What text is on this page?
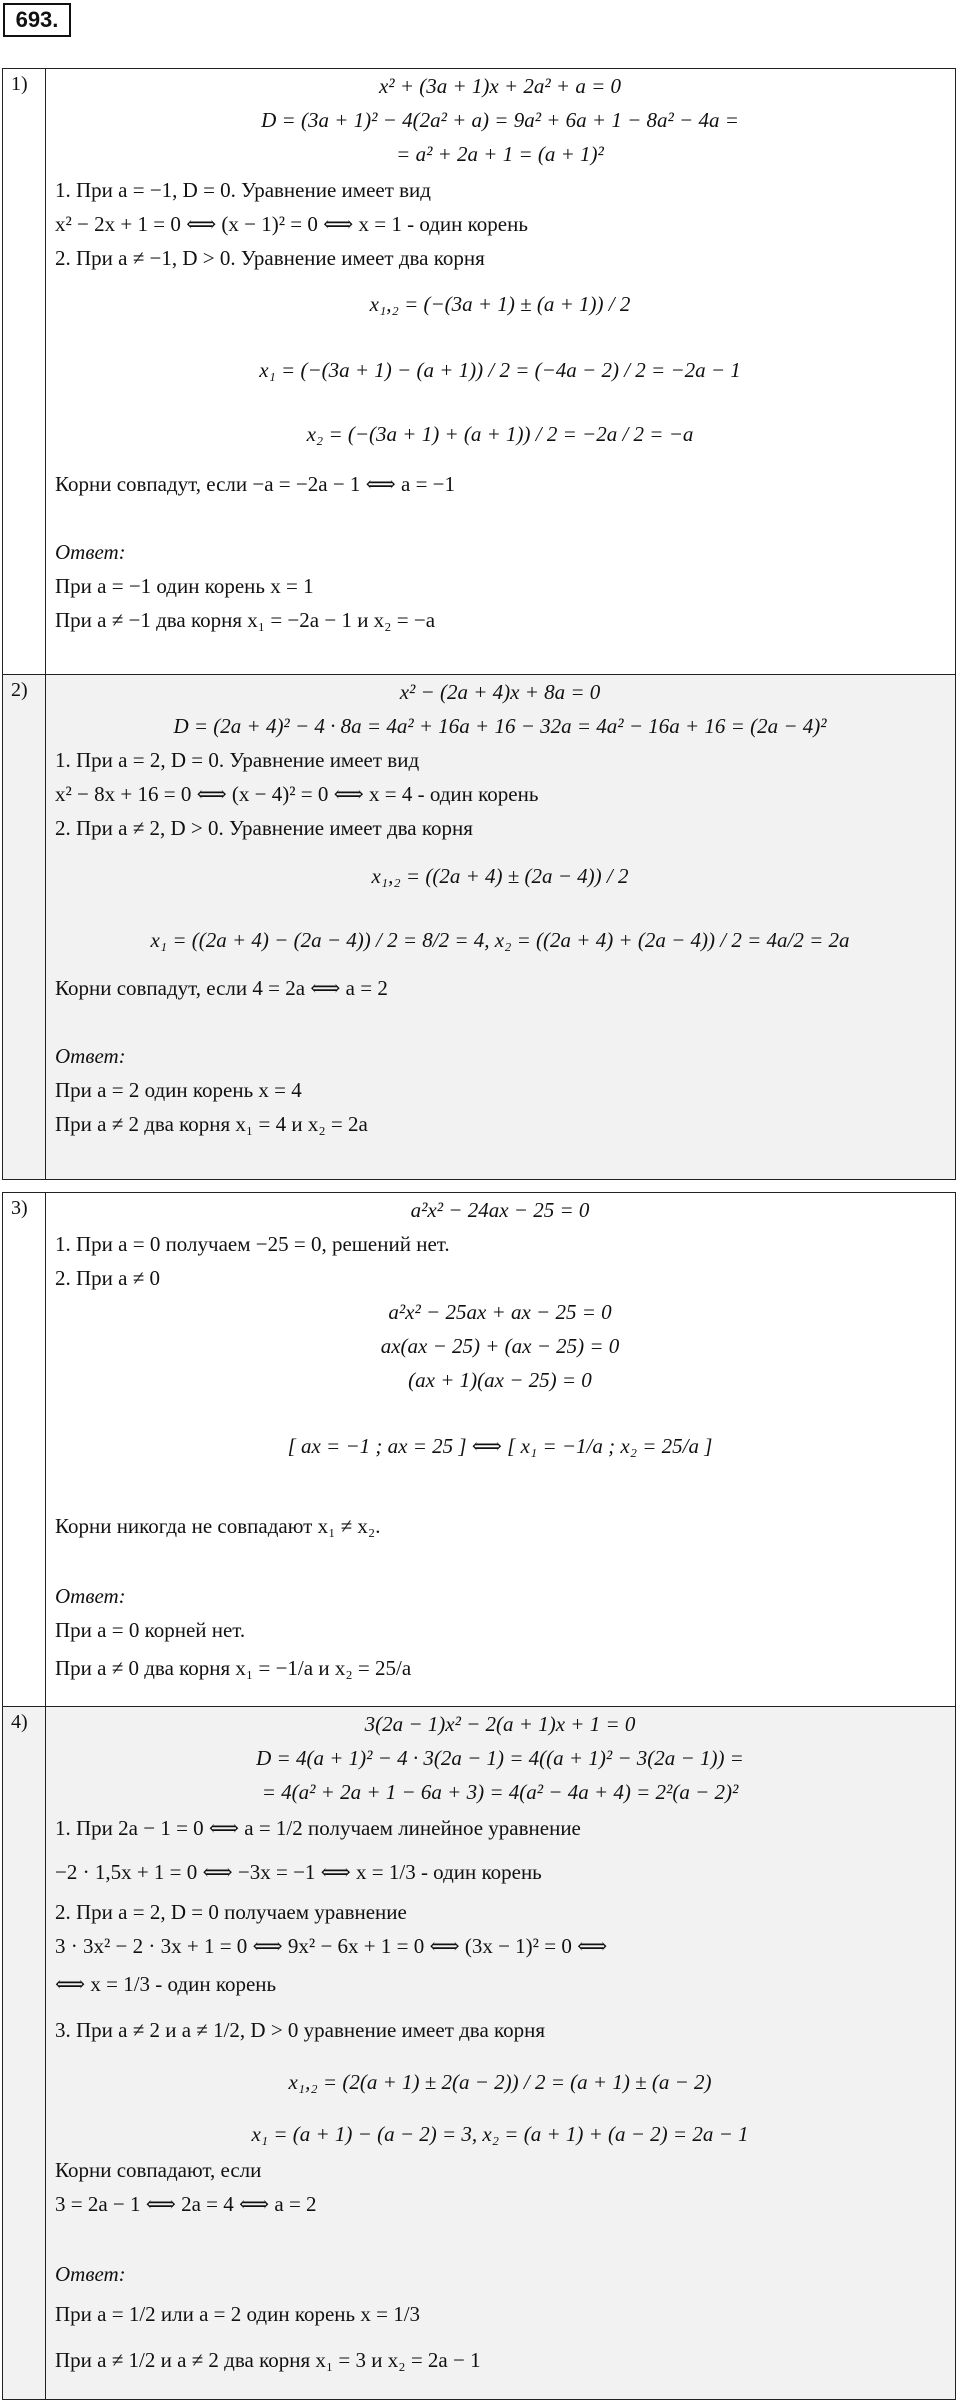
693.
1)	x² + (3a + 1)x + 2a² + a = 0
D = (3a + 1)² − 4(2a² + a) = 9a² + 6a + 1 − 8a² − 4a =
= a² + 2a + 1 = (a + 1)²
1. При a = −1, D = 0. Уравнение имеет вид
x² − 2x + 1 = 0 ⟺ (x − 1)² = 0 ⟺ x = 1 - один корень
2. При a ≠ −1, D > 0. Уравнение имеет два корня
x₁,₂ = (−(3a + 1) ± (a + 1)) / 2
x₁ = (−(3a + 1) − (a + 1)) / 2 = (−4a − 2) / 2 = −2a − 1
x₂ = (−(3a + 1) + (a + 1)) / 2 = −2a / 2 = −a
Корни совпадут, если −a = −2a − 1 ⟺ a = −1
Ответ:
При a = −1 один корень x = 1
При a ≠ −1 два корня x₁ = −2a − 1 и x₂ = −a
2)	x² − (2a + 4)x + 8a = 0
D = (2a + 4)² − 4 · 8a = 4a² + 16a + 16 − 32a = 4a² − 16a + 16 = (2a − 4)²
1. При a = 2, D = 0. Уравнение имеет вид
x² − 8x + 16 = 0 ⟺ (x − 4)² = 0 ⟺ x = 4 - один корень
2. При a ≠ 2, D > 0. Уравнение имеет два корня
x₁,₂ = ((2a + 4) ± (2a − 4)) / 2
x₁ = ((2a + 4) − (2a − 4)) / 2 = 8/2 = 4, x₂ = ((2a + 4) + (2a − 4)) / 2 = 4a/2 = 2a
Корни совпадут, если 4 = 2a ⟺ a = 2
Ответ:
При a = 2 один корень x = 4
При a ≠ 2 два корня x₁ = 4 и x₂ = 2a
3)	a²x² − 24ax − 25 = 0
1. При a = 0 получаем −25 = 0, решений нет.
2. При a ≠ 0
a²x² − 25ax + ax − 25 = 0
ax(ax − 25) + (ax − 25) = 0
(ax + 1)(ax − 25) = 0
[ ax = −1 ; ax = 25 ] ⟺ [ x₁ = −1/a ; x₂ = 25/a ]
Корни никогда не совпадают x₁ ≠ x₂.
Ответ:
При a = 0 корней нет.
При a ≠ 0 два корня x₁ = −1/a и x₂ = 25/a
4)	3(2a − 1)x² − 2(a + 1)x + 1 = 0
D = 4(a + 1)² − 4 · 3(2a − 1) = 4((a + 1)² − 3(2a − 1)) =
= 4(a² + 2a + 1 − 6a + 3) = 4(a² − 4a + 4) = 2²(a − 2)²
1. При 2a − 1 = 0 ⟺ a = 1/2 получаем линейное уравнение
−2 · 1,5x + 1 = 0 ⟺ −3x = −1 ⟺ x = 1/3 - один корень
2. При a = 2, D = 0 получаем уравнение
3 · 3x² − 2 · 3x + 1 = 0 ⟺ 9x² − 6x + 1 = 0 ⟺ (3x − 1)² = 0 ⟺
⟺ x = 1/3 - один корень
3. При a ≠ 2 и a ≠ 1/2, D > 0 уравнение имеет два корня
x₁,₂ = (2(a + 1) ± 2(a − 2)) / 2 = (a + 1) ± (a − 2)
x₁ = (a + 1) − (a − 2) = 3, x₂ = (a + 1) + (a − 2) = 2a − 1
Корни совпадают, если
3 = 2a − 1 ⟺ 2a = 4 ⟺ a = 2
Ответ:
При a = 1/2 или a = 2 один корень x = 1/3
При a ≠ 1/2 и a ≠ 2 два корня x₁ = 3 и x₂ = 2a − 1
